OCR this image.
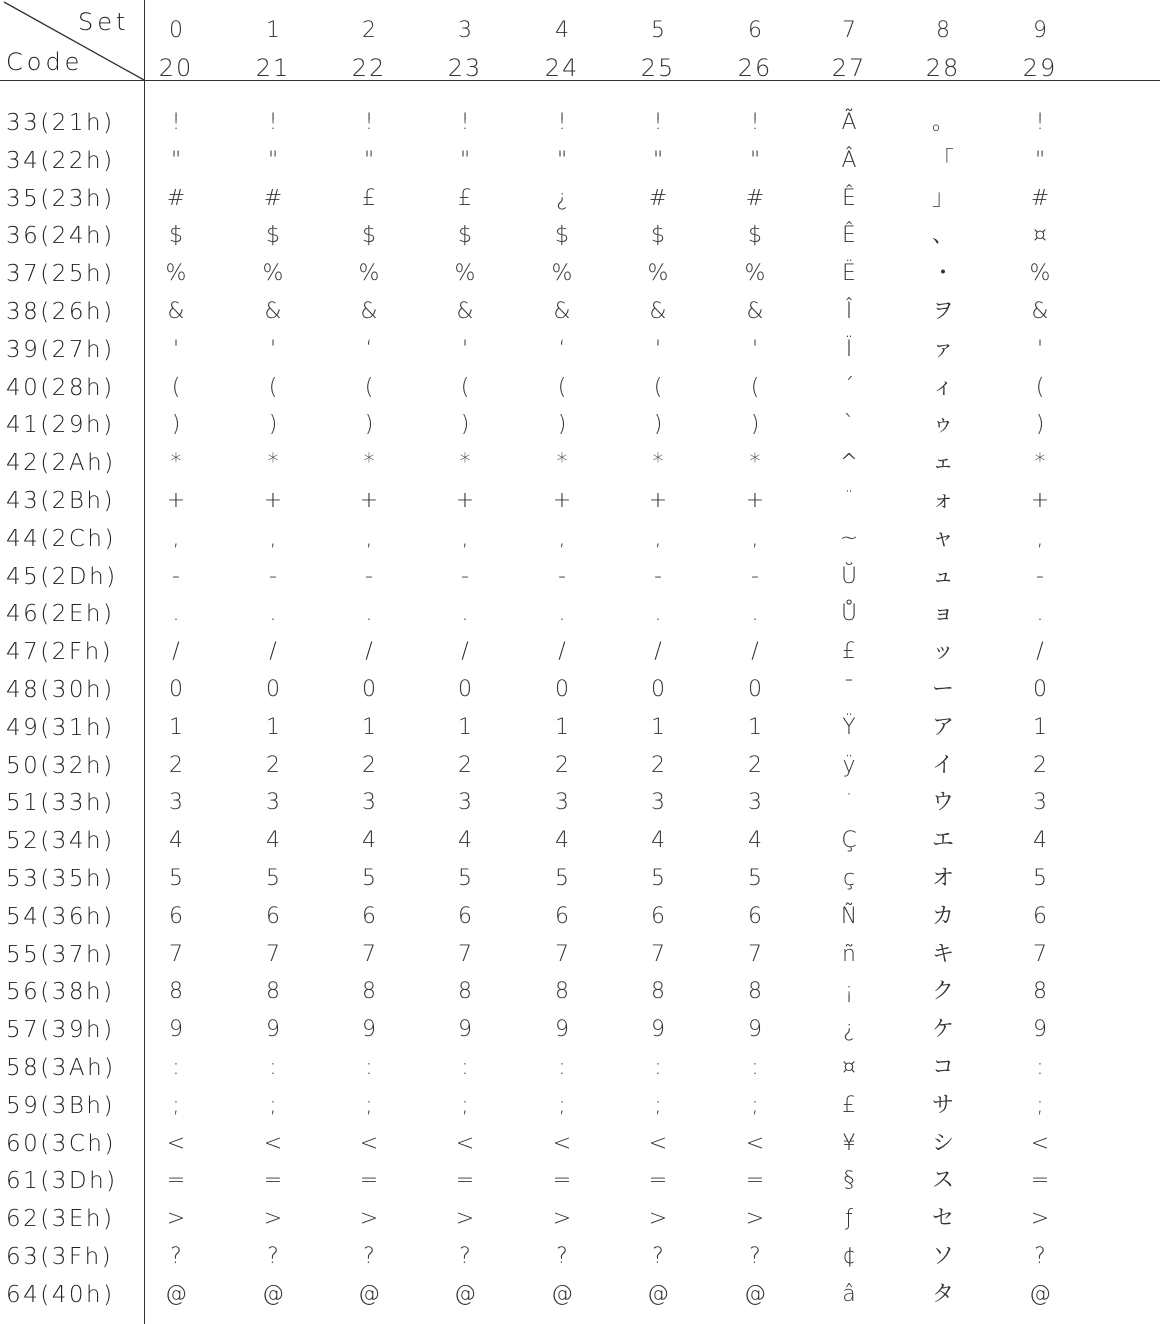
Set
Code
0	1	2	3	4	5	6	7	8	9
20	21	22	23	24	25	26	27	28	29
33(21h)	!	!	!	!	!	!	!	Ã	。	!
34(22h)	"	"	"	"	"	"	"	Â	「	"
35(23h)	#	#	£	£	¿	#	#	Ê	」	#
36(24h)	$	$	$	$	$	$	$	Ê	、	¤
37(25h)	%	%	%	%	%	%	%	Ë	・	%
38(26h)	&	&	&	&	&	&	&	Î	ヲ	&
39(27h)	'	'	‘	'	‘	'	'	Ï	ァ	'
40(28h)	(	(	(	(	(	(	(	´	ィ	(
41(29h)	)	)	)	)	)	)	)	`	ゥ	)
42(2Ah)	*	*	*	*	*	*	*	^	ェ	*
43(2Bh)	+	+	+	+	+	+	+	¨	ォ	+
44(2Ch)	,	,	,	,	,	,	,	~	ャ	,
45(2Dh)	-	-	-	-	-	-	-	Ŭ	ュ	-
46(2Eh)	.	.	.	.	.	.	.	Ů	ョ	.
47(2Fh)	/	/	/	/	/	/	/	£	ッ	/
48(30h)	0	0	0	0	0	0	0	¯	ー	0
49(31h)	1	1	1	1	1	1	1	Ÿ	ア	1
50(32h)	2	2	2	2	2	2	2	ÿ	イ	2
51(33h)	3	3	3	3	3	3	3	˙	ウ	3
52(34h)	4	4	4	4	4	4	4	Ç	エ	4
53(35h)	5	5	5	5	5	5	5	ç	オ	5
54(36h)	6	6	6	6	6	6	6	Ñ	カ	6
55(37h)	7	7	7	7	7	7	7	ñ	キ	7
56(38h)	8	8	8	8	8	8	8	¡	ク	8
57(39h)	9	9	9	9	9	9	9	¿	ケ	9
58(3Ah)	:	:	:	:	:	:	:	¤	コ	:
59(3Bh)	;	;	;	;	;	;	;	£	サ	;
60(3Ch)	<	<	<	<	<	<	<	¥	シ	<
61(3Dh)	=	=	=	=	=	=	=	§	ス	=
62(3Eh)	>	>	>	>	>	>	>	ƒ	セ	>
63(3Fh)	?	?	?	?	?	?	?	¢	ソ	?
64(40h)	@	@	@	@	@	@	@	â	タ	@
